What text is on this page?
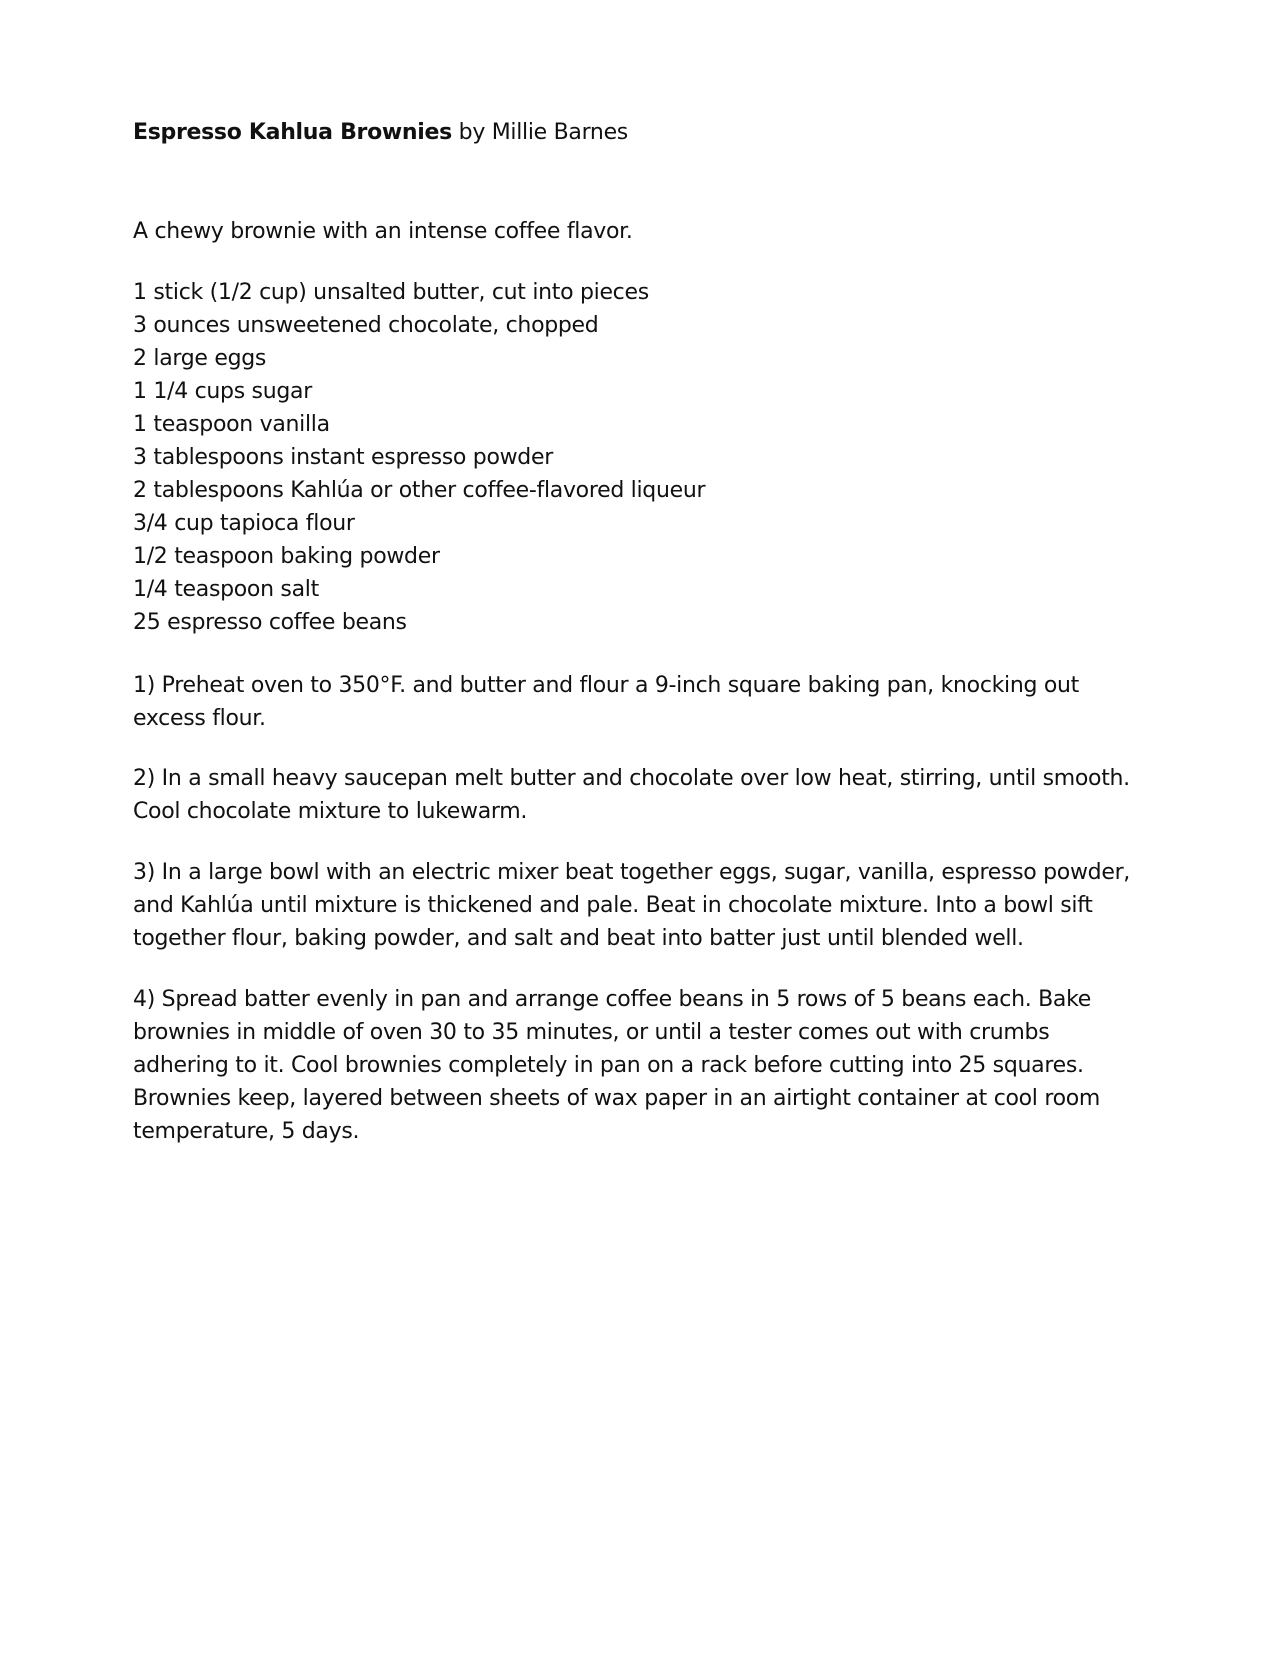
Espresso Kahlua Brownies by Millie Barnes
A chewy brownie with an intense coffee flavor.
1 stick (1/2 cup) unsalted butter, cut into pieces
3 ounces unsweetened chocolate, chopped
2 large eggs
1 1/4 cups sugar
1 teaspoon vanilla
3 tablespoons instant espresso powder
2 tablespoons Kahlúa or other coffee-flavored liqueur
3/4 cup tapioca flour
1/2 teaspoon baking powder
1/4 teaspoon salt
25 espresso coffee beans
1) Preheat oven to 350°F. and butter and flour a 9-inch square baking pan, knocking out
excess flour.
2) In a small heavy saucepan melt butter and chocolate over low heat, stirring, until smooth.
Cool chocolate mixture to lukewarm.
3) In a large bowl with an electric mixer beat together eggs, sugar, vanilla, espresso powder,
and Kahlúa until mixture is thickened and pale. Beat in chocolate mixture. Into a bowl sift
together flour, baking powder, and salt and beat into batter just until blended well.
4) Spread batter evenly in pan and arrange coffee beans in 5 rows of 5 beans each. Bake
brownies in middle of oven 30 to 35 minutes, or until a tester comes out with crumbs
adhering to it. Cool brownies completely in pan on a rack before cutting into 25 squares.
Brownies keep, layered between sheets of wax paper in an airtight container at cool room
temperature, 5 days.
